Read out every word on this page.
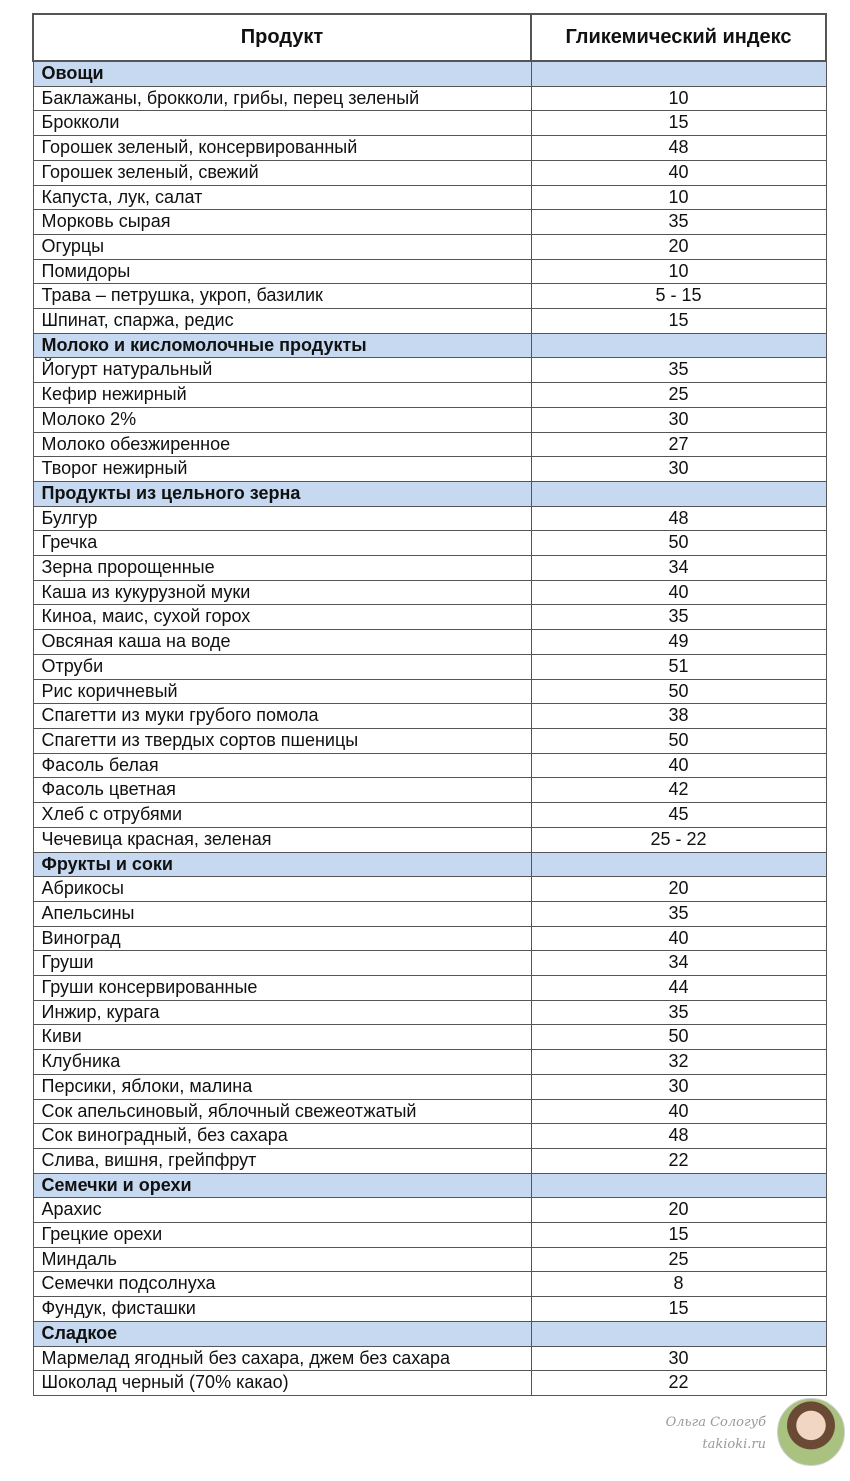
Продукт	Гликемический индекс
Овощи	
Баклажаны, брокколи, грибы, перец зеленый	10
Брокколи	15
Горошек зеленый, консервированный	48
Горошек зеленый, свежий	40
Капуста, лук, салат	10
Морковь сырая	35
Огурцы	20
Помидоры	10
Трава – петрушка, укроп, базилик	5 - 15
Шпинат, спаржа, редис	15
Молоко и кисломолочные продукты	
Йогурт натуральный	35
Кефир нежирный	25
Молоко 2%	30
Молоко обезжиренное	27
Творог нежирный	30
Продукты из цельного зерна	
Булгур	48
Гречка	50
Зерна пророщенные	34
Каша из кукурузной муки	40
Киноа, маис, сухой горох	35
Овсяная каша на воде	49
Отруби	51
Рис коричневый	50
Спагетти из муки грубого помола	38
Спагетти из твердых сортов пшеницы	50
Фасоль белая	40
Фасоль цветная	42
Хлеб с отрубями	45
Чечевица красная, зеленая	25 - 22
Фрукты и соки	
Абрикосы	20
Апельсины	35
Виноград	40
Груши	34
Груши консервированные	44
Инжир, курага	35
Киви	50
Клубника	32
Персики, яблоки, малина	30
Сок апельсиновый, яблочный свежеотжатый	40
Сок виноградный, без сахара	48
Слива, вишня, грейпфрут	22
Семечки и орехи	
Арахис	20
Грецкие орехи	15
Миндаль	25
Семечки подсолнуха	8
Фундук, фисташки	15
Сладкое	
Мармелад ягодный без сахара, джем без сахара	30
Шоколад черный (70% какао)	22
Ольга Сологуб
takioki.ru
